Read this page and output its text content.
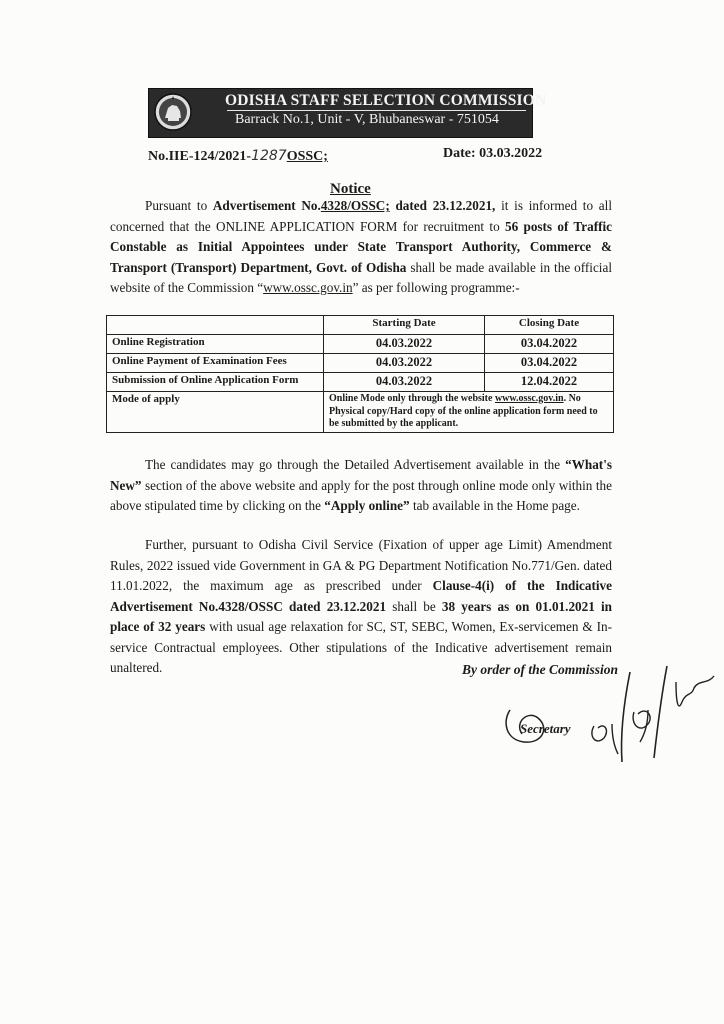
ODISHA STAFF SELECTION COMMISSION
Barrack No.1, Unit - V, Bhubaneswar - 751054
No.IIE-124/2021-1287OSSC;	Date: 03.03.2022
Notice
Pursuant to Advertisement No.4328/OSSC; dated 23.12.2021, it is informed to all concerned that the ONLINE APPLICATION FORM for recruitment to 56 posts of Traffic Constable as Initial Appointees under State Transport Authority, Commerce & Transport (Transport) Department, Govt. of Odisha shall be made available in the official website of the Commission “www.ossc.gov.in” as per following programme:-
	Starting Date	Closing Date
Online Registration	04.03.2022	03.04.2022
Online Payment of Examination Fees	04.03.2022	03.04.2022
Submission of Online Application Form	04.03.2022	12.04.2022
Mode of apply	Online Mode only through the website www.ossc.gov.in. No Physical copy/Hard copy of the online application form need to be submitted by the applicant.	
The candidates may go through the Detailed Advertisement available in the “What's New” section of the above website and apply for the post through online mode only within the above stipulated time by clicking on the “Apply online” tab available in the Home page.
Further, pursuant to Odisha Civil Service (Fixation of upper age Limit) Amendment Rules, 2022 issued vide Government in GA & PG Department Notification No.771/Gen. dated 11.01.2022, the maximum age as prescribed under Clause-4(i) of the Indicative Advertisement No.4328/OSSC dated 23.12.2021 shall be 38 years as on 01.01.2021 in place of 32 years with usual age relaxation for SC, ST, SEBC, Women, Ex-servicemen & In-service Contractual employees. Other stipulations of the Indicative advertisement remain unaltered.	By order of the Commission
Secretary
